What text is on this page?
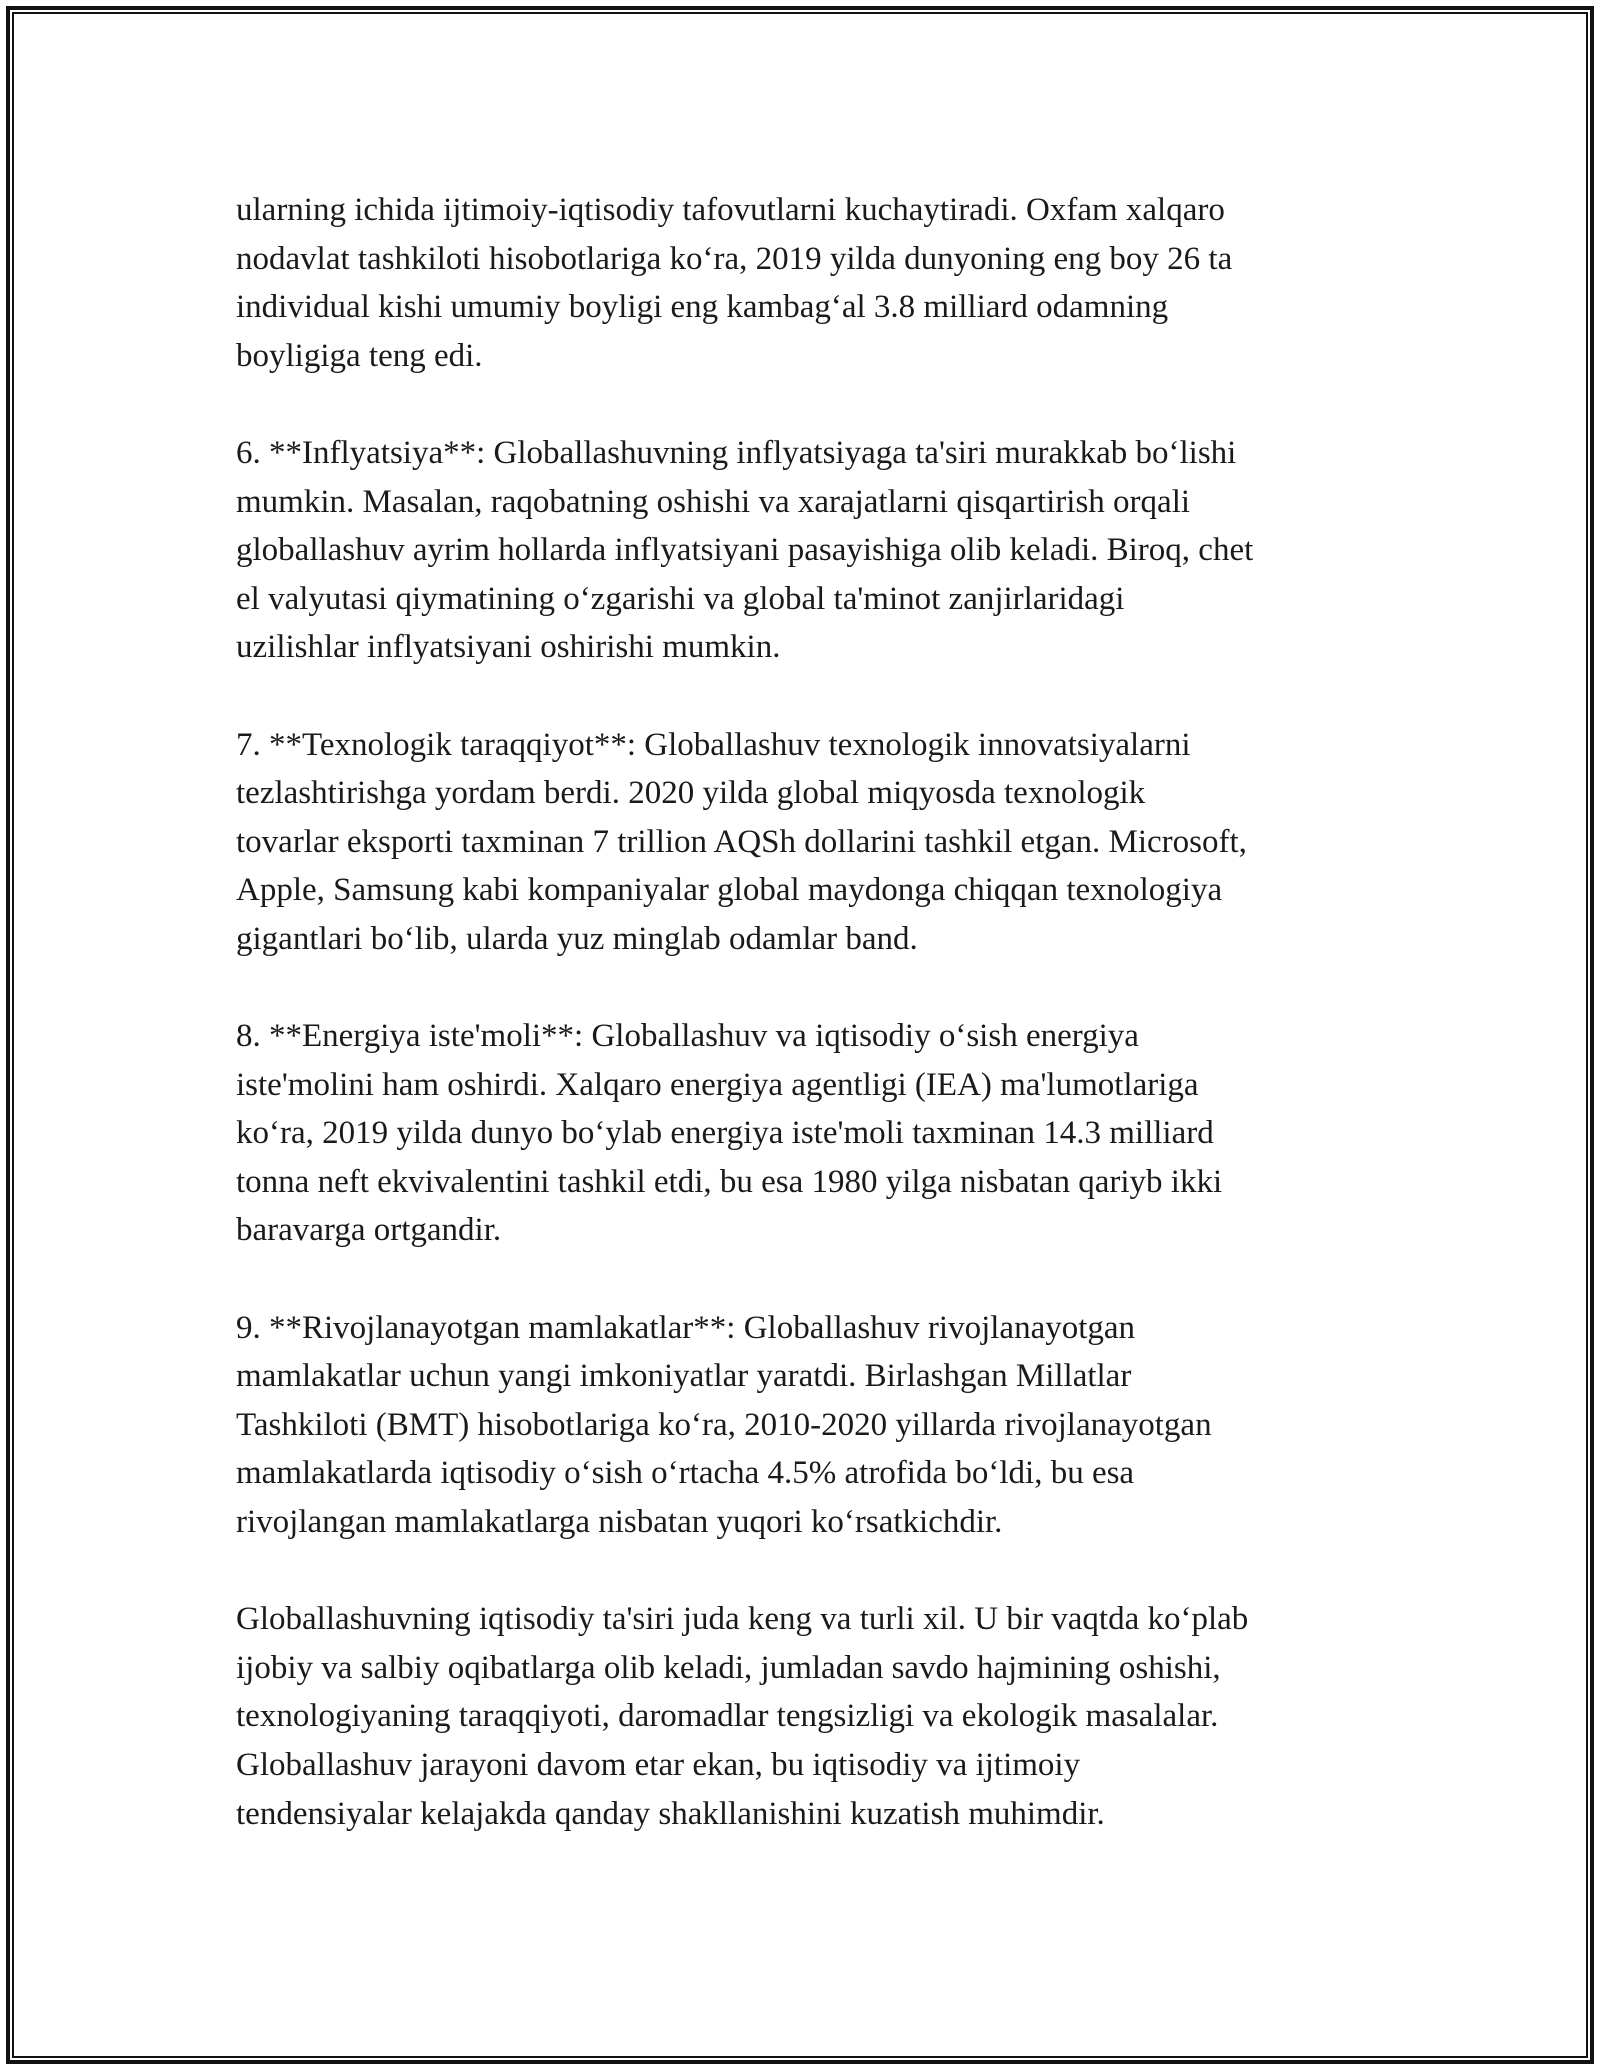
ularning ichida ijtimoiy-iqtisodiy tafovutlarni kuchaytiradi. Oxfam xalqaro
nodavlat tashkiloti hisobotlariga koʻra, 2019 yilda dunyoning eng boy 26 ta
individual kishi umumiy boyligi eng kambagʻal 3.8 milliard odamning
boyligiga teng edi.

6. **Inflyatsiya**: Globallashuvning inflyatsiyaga ta'siri murakkab boʻlishi
mumkin. Masalan, raqobatning oshishi va xarajatlarni qisqartirish orqali
globallashuv ayrim hollarda inflyatsiyani pasayishiga olib keladi. Biroq, chet
el valyutasi qiymatining oʻzgarishi va global ta'minot zanjirlaridagi
uzilishlar inflyatsiyani oshirishi mumkin.

7. **Texnologik taraqqiyot**: Globallashuv texnologik innovatsiyalarni
tezlashtirishga yordam berdi. 2020 yilda global miqyosda texnologik
tovarlar eksporti taxminan 7 trillion AQSh dollarini tashkil etgan. Microsoft,
Apple, Samsung kabi kompaniyalar global maydonga chiqqan texnologiya
gigantlari boʻlib, ularda yuz minglab odamlar band.

8. **Energiya iste'moli**: Globallashuv va iqtisodiy oʻsish energiya
iste'molini ham oshirdi. Xalqaro energiya agentligi (IEA) ma'lumotlariga
koʻra, 2019 yilda dunyo boʻylab energiya iste'moli taxminan 14.3 milliard
tonna neft ekvivalentini tashkil etdi, bu esa 1980 yilga nisbatan qariyb ikki
baravarga ortgandir.

9. **Rivojlanayotgan mamlakatlar**: Globallashuv rivojlanayotgan
mamlakatlar uchun yangi imkoniyatlar yaratdi. Birlashgan Millatlar
Tashkiloti (BMT) hisobotlariga koʻra, 2010-2020 yillarda rivojlanayotgan
mamlakatlarda iqtisodiy oʻsish oʻrtacha 4.5% atrofida boʻldi, bu esa
rivojlangan mamlakatlarga nisbatan yuqori koʻrsatkichdir.

Globallashuvning iqtisodiy ta'siri juda keng va turli xil. U bir vaqtda koʻplab
ijobiy va salbiy oqibatlarga olib keladi, jumladan savdo hajmining oshishi,
texnologiyaning taraqqiyoti, daromadlar tengsizligi va ekologik masalalar.
Globallashuv jarayoni davom etar ekan, bu iqtisodiy va ijtimoiy
tendensiyalar kelajakda qanday shakllanishini kuzatish muhimdir.
